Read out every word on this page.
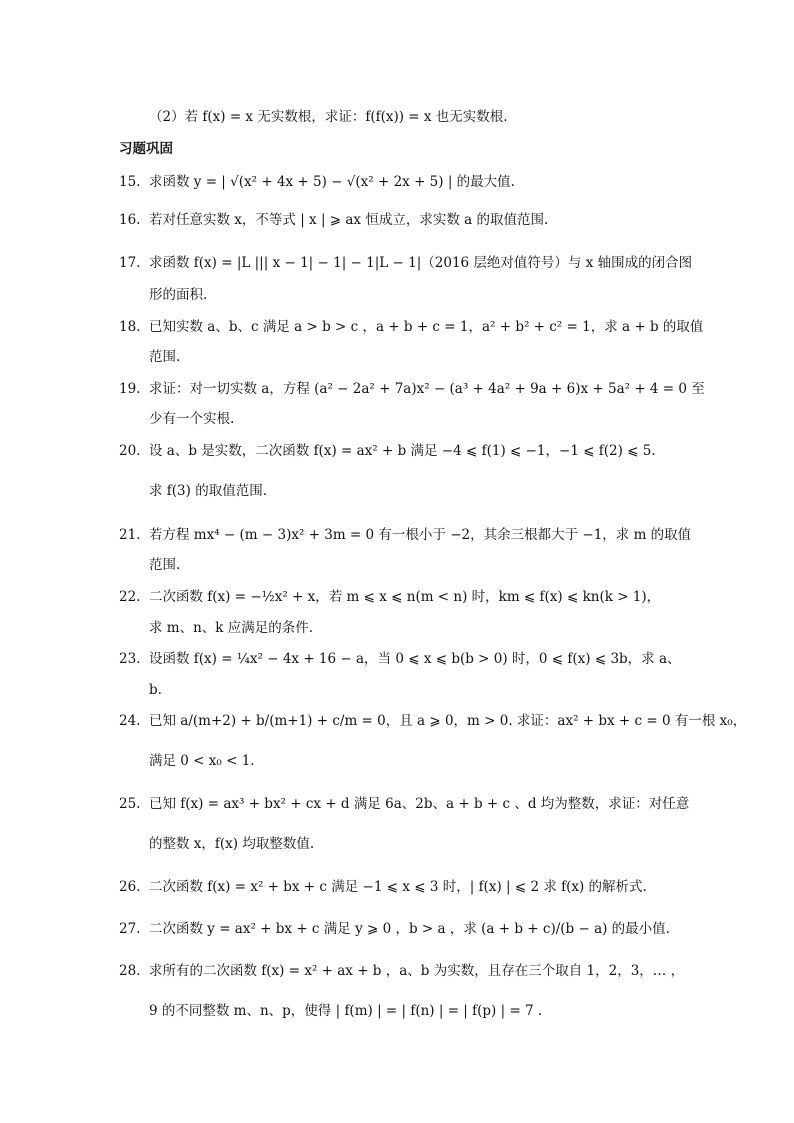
（2）若 f(x) = x 无实数根，求证：f(f(x)) = x 也无实数根.
习题巩固
15. 求函数 y = | √(x² + 4x + 5) − √(x² + 2x + 5) | 的最大值.
16. 若对任意实数 x，不等式 | x | ⩾ ax 恒成立，求实数 a 的取值范围.
17. 求函数 f(x) = |L ||| x − 1| − 1| − 1|L − 1|（2016 层绝对值符号）与 x 轴围成的闭合图
形的面积.
18. 已知实数 a、b、c 满足 a > b > c ，a + b + c = 1，a² + b² + c² = 1，求 a + b 的取值
范围.
19. 求证：对一切实数 a，方程 (a² − 2a² + 7a)x² − (a³ + 4a² + 9a + 6)x + 5a² + 4 = 0 至
少有一个实根.
20. 设 a、b 是实数，二次函数 f(x) = ax² + b 满足 −4 ⩽ f(1) ⩽ −1，−1 ⩽ f(2) ⩽ 5.
求 f(3) 的取值范围.
21. 若方程 mx⁴ − (m − 3)x² + 3m = 0 有一根小于 −2，其余三根都大于 −1，求 m 的取值
范围.
22. 二次函数 f(x) = −½x² + x，若 m ⩽ x ⩽ n(m < n) 时，km ⩽ f(x) ⩽ kn(k > 1)，
求 m、n、k 应满足的条件.
23. 设函数 f(x) = ¼x² − 4x + 16 − a，当 0 ⩽ x ⩽ b(b > 0) 时，0 ⩽ f(x) ⩽ 3b，求 a、
b.
24. 已知 a/(m+2) + b/(m+1) + c/m = 0，且 a ⩾ 0，m > 0. 求证：ax² + bx + c = 0 有一根 x₀，
满足 0 < x₀ < 1.
25. 已知 f(x) = ax³ + bx² + cx + d 满足 6a、2b、a + b + c 、d 均为整数，求证：对任意
的整数 x，f(x) 均取整数值.
26. 二次函数 f(x) = x² + bx + c 满足 −1 ⩽ x ⩽ 3 时，| f(x) | ⩽ 2 求 f(x) 的解析式.
27. 二次函数 y = ax² + bx + c 满足 y ⩾ 0 ，b > a ，求 (a + b + c)/(b − a) 的最小值.
28. 求所有的二次函数 f(x) = x² + ax + b ，a、b 为实数，且存在三个取自 1，2，3，… ，
9 的不同整数 m、n、p，使得 | f(m) | = | f(n) | = | f(p) | = 7 .
